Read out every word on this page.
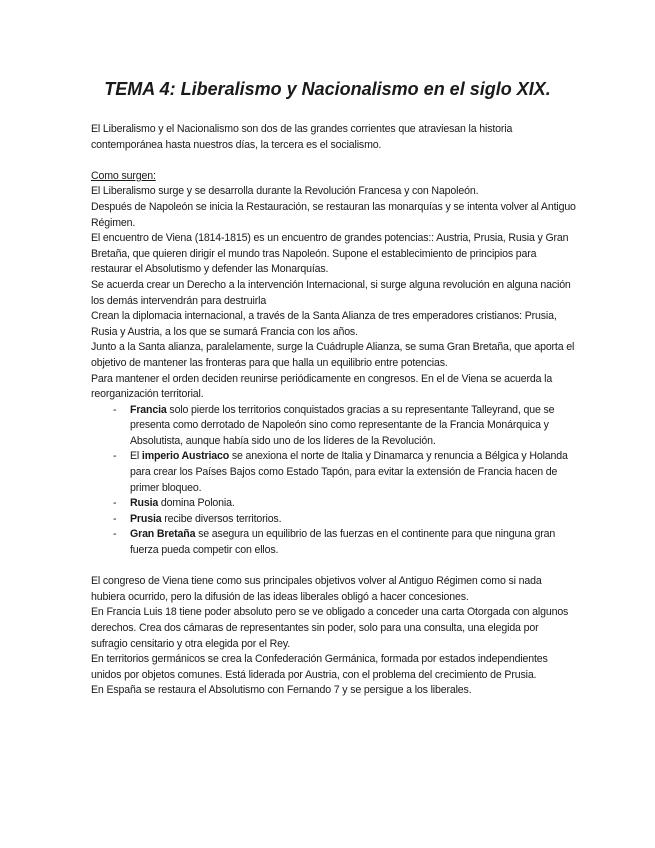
TEMA 4: Liberalismo y Nacionalismo en el siglo XIX.

El Liberalismo y el Nacionalismo son dos de las grandes corrientes que atraviesan la historia contemporánea hasta nuestros días, la tercera es el socialismo.

Como surgen:

El Liberalismo surge y se desarrolla durante la Revolución Francesa y con Napoleón.

Después de Napoleón se inicia la Restauración, se restauran las monarquías y se intenta volver al Antiguo Régimen.

El encuentro de Viena (1814-1815) es un encuentro de grandes potencias:: Austria, Prusia, Rusia y Gran Bretaña, que quieren dirigir el mundo tras Napoleón. Supone el establecimiento de principios para restaurar el Absolutismo y defender las Monarquías.

Se acuerda crear un Derecho a la intervención Internacional, si surge alguna revolución en alguna nación los demás intervendrán para destruirla

Crean la diplomacia internacional, a través de la Santa Alianza de tres emperadores cristianos: Prusia, Rusia y Austria, a los que se sumará Francia con los años.

Junto a la Santa alianza, paralelamente, surge la Cuádruple Alianza, se suma Gran Bretaña, que aporta el objetivo de mantener las fronteras para que halla un equilibrio entre potencias.

Para mantener el orden deciden reunirse periódicamente en congresos. En el de Viena se acuerda la reorganización territorial.

- Francia solo pierde los territorios conquistados gracias a su representante Talleyrand, que se presenta como derrotado de Napoleón sino como representante de la Francia Monárquica y Absolutista, aunque había sido uno de los líderes de la Revolución.
- El imperio Austriaco se anexiona el norte de Italia y Dinamarca y renuncia a Bélgica y Holanda para crear los Países Bajos como Estado Tapón, para evitar la extensión de Francia hacen de primer bloqueo.
- Rusia domina Polonia.
- Prusia recibe diversos territorios.
- Gran Bretaña se asegura un equilibrio de las fuerzas en el continente para que ninguna gran fuerza pueda competir con ellos.

El congreso de Viena tiene como sus principales objetivos volver al Antiguo Régimen como si nada hubiera ocurrido, pero la difusión de las ideas liberales obligó a hacer concesiones.

En Francia Luis 18 tiene poder absoluto pero se ve obligado a conceder una carta Otorgada con algunos derechos. Crea dos cámaras de representantes sin poder, solo para una consulta, una elegida por sufragio censitario y otra elegida por el Rey.

En territorios germánicos se crea la Confederación Germánica, formada por estados independientes unidos por objetos comunes. Está liderada por Austria, con el problema del crecimiento de Prusia.

En España se restaura el Absolutismo con Fernando 7 y se persigue a los liberales.
